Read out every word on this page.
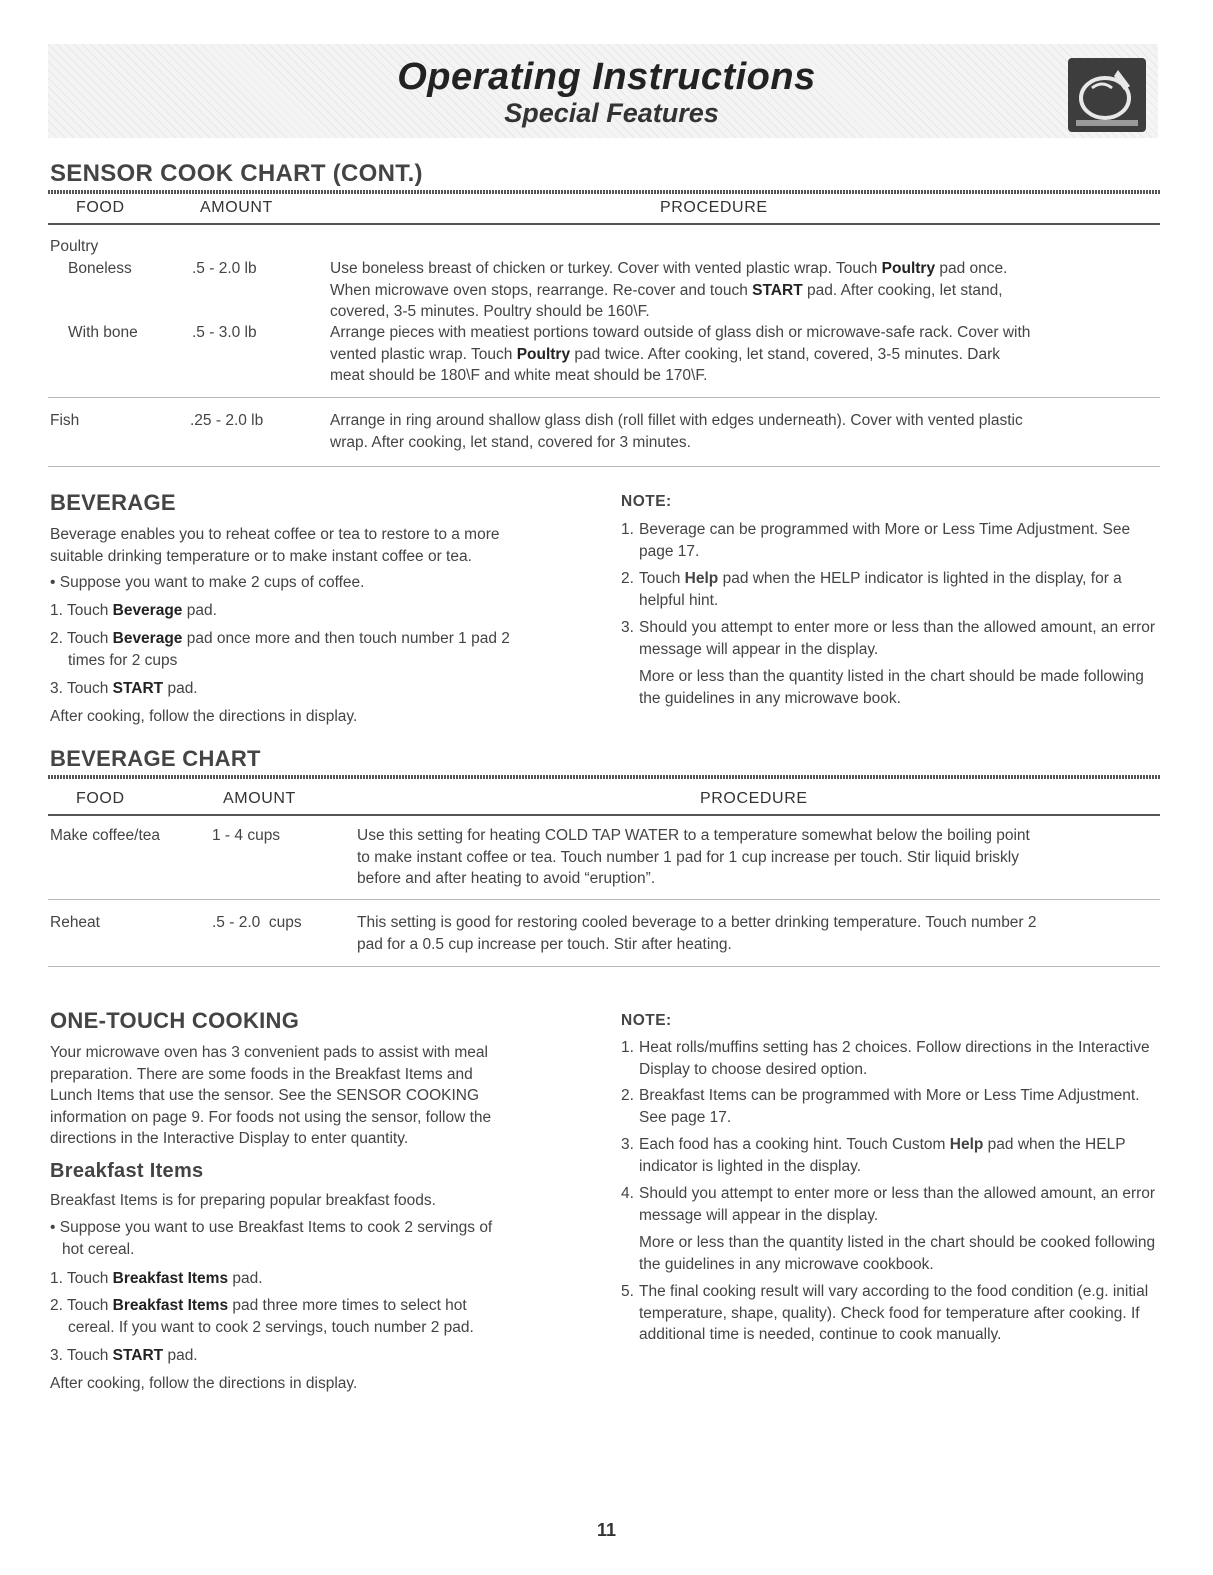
Operating Instructions
Special Features
SENSOR COOK CHART (CONT.)
FOOD	AMOUNT	PROCEDURE
Poultry
Boneless	.5 - 2.0 lb	Use boneless breast of chicken or turkey. Cover with vented plastic wrap. Touch Poultry pad once.
When microwave oven stops, rearrange. Re-cover and touch START pad. After cooking, let stand,
covered, 3-5 minutes. Poultry should be 160\F.
With bone	.5 - 3.0 lb	Arrange pieces with meatiest portions toward outside of glass dish or microwave-safe rack. Cover with
vented plastic wrap. Touch Poultry pad twice. After cooking, let stand, covered, 3-5 minutes. Dark
meat should be 180\F and white meat should be 170\F.
Fish	.25 - 2.0 lb	Arrange in ring around shallow glass dish (roll fillet with edges underneath). Cover with vented plastic
wrap. After cooking, let stand, covered for 3 minutes.
BEVERAGE
Beverage enables you to reheat coffee or tea to restore to a more
suitable drinking temperature or to make instant coffee or tea.
• Suppose you want to make 2 cups of coffee.
1. Touch Beverage pad.
2. Touch Beverage pad once more and then touch number 1 pad 2
times for 2 cups
3. Touch START pad.
After cooking, follow the directions in display.
NOTE:
1. Beverage can be programmed with More or Less Time Adjustment. See page 17.
2. Touch Help pad when the HELP indicator is lighted in the display, for a helpful hint.
3. Should you attempt to enter more or less than the allowed amount, an error message will appear in the display.
More or less than the quantity listed in the chart should be made following the guidelines in any microwave book.
BEVERAGE CHART
FOOD	AMOUNT	PROCEDURE
Make coffee/tea	1 - 4 cups	Use this setting for heating COLD TAP WATER to a temperature somewhat below the boiling point
to make instant coffee or tea. Touch number 1 pad for 1 cup increase per touch. Stir liquid briskly
before and after heating to avoid “eruption”.
Reheat	.5 - 2.0  cups	This setting is good for restoring cooled beverage to a better drinking temperature. Touch number 2
pad for a 0.5 cup increase per touch. Stir after heating.
ONE-TOUCH COOKING
Your microwave oven has 3 convenient pads to assist with meal
preparation. There are some foods in the Breakfast Items and
Lunch Items that use the sensor. See the SENSOR COOKING
information on page 9. For foods not using the sensor, follow the
directions in the Interactive Display to enter quantity.
Breakfast Items
Breakfast Items is for preparing popular breakfast foods.
• Suppose you want to use Breakfast Items to cook 2 servings of
hot cereal.
1. Touch Breakfast Items pad.
2. Touch Breakfast Items pad three more times to select hot
cereal. If you want to cook 2 servings, touch number 2 pad.
3. Touch START pad.
After cooking, follow the directions in display.
NOTE:
1. Heat rolls/muffins setting has 2 choices. Follow directions in the Interactive Display to choose desired option.
2. Breakfast Items can be programmed with More or Less Time Adjustment. See page 17.
3. Each food has a cooking hint. Touch Custom Help pad when the HELP indicator is lighted in the display.
4. Should you attempt to enter more or less than the allowed amount, an error message will appear in the display.
More or less than the quantity listed in the chart should be cooked following the guidelines in any microwave cookbook.
5. The final cooking result will vary according to the food condition (e.g. initial temperature, shape, quality). Check food for temperature after cooking. If additional time is needed, continue to cook manually.
11
